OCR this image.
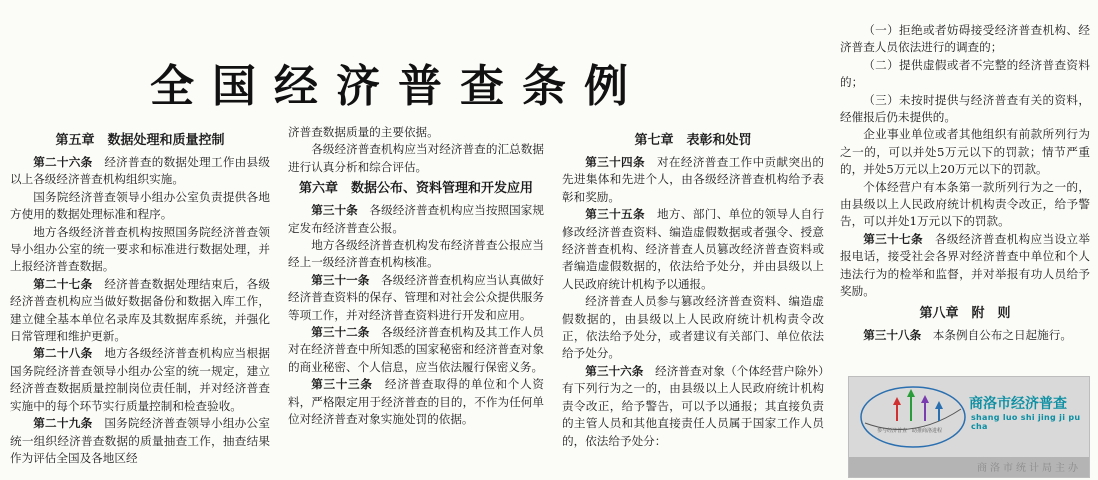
全国经济普查条例
第五章　数据处理和质量控制

第二十六条　 经济普查的数据处理工作由县级以上各级经济普查机构组织实施。

国务院经济普查领导小组办公室负责提供各地方使用的数据处理标准和程序。

地方各级经济普查机构按照国务院经济普查领导小组办公室的统一要求和标准进行数据处理，并上报经济普查数据。

第二十七条　 经济普查数据处理结束后，各级经济普查机构应当做好数据备份和数据入库工作，建立健全基本单位名录库及其数据库系统，并强化日常管理和维护更新。

第二十八条　 地方各级经济普查机构应当根据国务院经济普查领导小组办公室的统一规定，建立经济普查数据质量控制岗位责任制，并对经济普查实施中的每个环节实行质量控制和检查验收。

第二十九条　 国务院经济普查领导小组办公室统一组织经济普查数据的质量抽查工作，抽查结果作为评估全国及各地区经

济普查数据质量的主要依据。

各级经济普查机构应当对经济普查的汇总数据进行认真分析和综合评估。

第六章　数据公布、资料管理和开发应用

第三十条　 各级经济普查机构应当按照国家规定发布经济普查公报。

地方各级经济普查机构发布经济普查公报应当经上一级经济普查机构核准。

第三十一条　 各级经济普查机构应当认真做好经济普查资料的保存、管理和对社会公众提供服务等项工作，并对经济普查资料进行开发和应用。

第三十二条　 各级经济普查机构及其工作人员对在经济普查中所知悉的国家秘密和经济普查对象的商业秘密、个人信息，应当依法履行保密义务。

第三十三条　 经济普查取得的单位和个人资料，严格限定用于经济普查的目的，不作为任何单位对经济普查对象实施处罚的依据。

第七章　表彰和处罚

第三十四条　 对在经济普查工作中贡献突出的先进集体和先进个人，由各级经济普查机构给予表彰和奖励。

第三十五条　 地方、部门、单位的领导人自行修改经济普查资料、编造虚假数据或者强令、授意经济普查机构、经济普查人员篡改经济普查资料或者编造虚假数据的，依法给予处分，并由县级以上人民政府统计机构予以通报。

经济普查人员参与篡改经济普查资料、编造虚假数据的，由县级以上人民政府统计机构责令改正，依法给予处分，或者建议有关部门、单位依法给予处分。

第三十六条　 经济普查对象（个体经营户除外）有下列行为之一的，由县级以上人民政府统计机构责令改正，给予警告，可以予以通报；其直接负责的主管人员和其他直接责任人员属于国家工作人员的，依法给予处分：

（一）拒绝或者妨碍接受经济普查机构、经济普查人员依法进行的调查的；

（二）提供虚假或者不完整的经济普查资料的；

（三）未按时提供与经济普查有关的资料，经催报后仍未提供的。

企业事业单位或者其他组织有前款所列行为之一的，可以并处5万元以下的罚款；情节严重的，并处5万元以上20万元以下的罚款。

个体经营户有本条第一款所列行为之一的，由县级以上人民政府统计机构责令改正，给予警告，可以并处1万元以下的罚款。

第三十七条　 各级经济普查机构应当设立举报电话，接受社会各界对经济普查中单位和个人违法行为的检举和监督，并对举报有功人员给予奖励。

第八章　附　则

第三十八条　 本条例自公布之日起施行。

商洛市经济普查
shang luo shi jing ji pu cha
参与经济普查　助推商洛进程
商洛市统计局主办
